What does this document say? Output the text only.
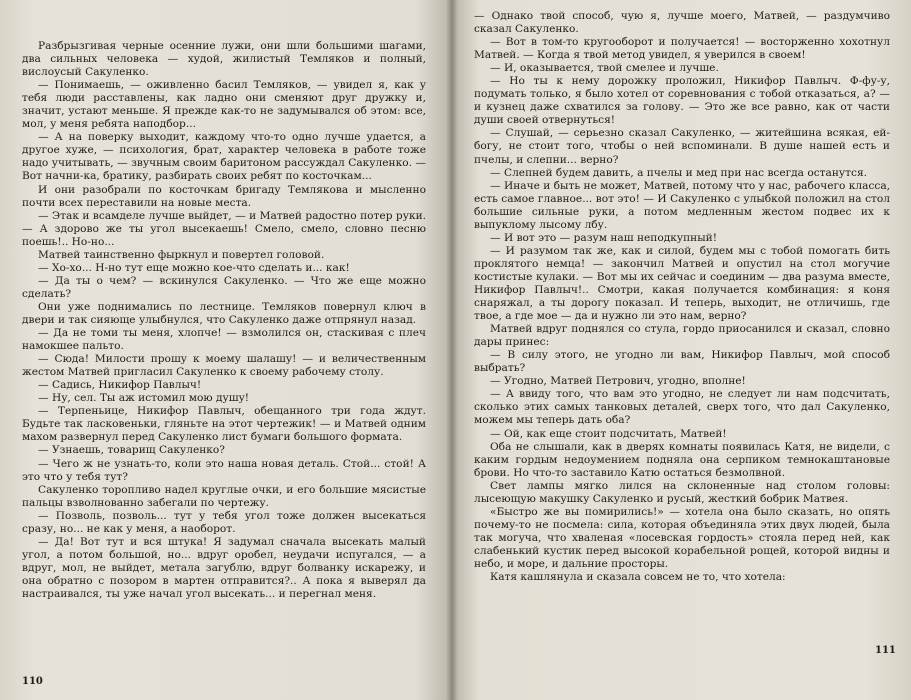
Разбрызгивая черные осенние лужи, они шли большими шагами, два сильных человека — худой, жилистый Темляков и полный, вислоусый Сакуленко.

— Понимаешь, — оживленно басил Темляков, — увидел я, как у тебя люди расставлены, как ладно они сменяют друг дружку и, значит, устают меньше. Я прежде как-то не задумывался об этом: все, мол, у меня ребята наподбор...

— А на поверку выходит, каждому что-то одно лучше удается, а другое хуже, — психология, брат, характер человека в работе тоже надо учитывать, — звучным своим баритоном рассуждал Сакуленко. — Вот начни-ка, братику, разбирать своих ребят по косточкам...

И они разобрали по косточкам бригаду Темлякова и мысленно почти всех переставили на новые места.

— Этак и всамделе лучше выйдет, — и Матвей радостно потер руки. — А здорово же ты угол высекаешь! Смело, смело, словно песню поешь!.. Но-но...

Матвей таинственно фыркнул и повертел головой.

— Хо-хо... Н-но тут еще можно кое-что сделать и... как!

— Да ты о чем? — вскинулся Сакуленко. — Что же еще можно сделать?

Они уже поднимались по лестнице. Темляков повернул ключ в двери и так сияюще улыбнулся, что Сакуленко даже отпрянул назад.

— Да не томи ты меня, хлопче! — взмолился он, стаскивая с плеч намокшее пальто.

— Сюда! Милости прошу к моему шалашу! — и величественным жестом Матвей пригласил Сакуленко к своему рабочему столу.

— Садись, Никифор Павлыч!

— Ну, сел. Ты аж истомил мою душу!

— Терпеньице, Никифор Павлыч, обещанного три года ждут. Будьте так ласковеньки, гляньте на этот чертежик! — и Матвей одним махом развернул перед Сакуленко лист бумаги большого формата.

— Узнаешь, товарищ Сакуленко?

— Чего ж не узнать-то, коли это наша новая деталь. Стой... стой! А это что у тебя тут?

Сакуленко торопливо надел круглые очки, и его большие мясистые пальцы взволнованно забегали по чертежу.

— Позволь, позволь... тут у тебя угол тоже должен высекаться сразу, но... не как у меня, а наоборот.

— Да! Вот тут и вся штука! Я задумал сначала высекать малый угол, а потом большой, но... вдруг оробел, неудачи испугался, — а вдруг, мол, не выйдет, метала загублю, вдруг болванку искарежу, и она обратно с позором в мартен отправится?.. А пока я выверял да настраивался, ты уже начал угол высекать... и перегнал меня.

110

— Однако твой способ, чую я, лучше моего, Матвей, — раздумчиво сказал Сакуленко.

— Вот в том-то кругооборот и получается! — восторженно хохотнул Матвей. — Когда я твой метод увидел, я уверился в своем!

— И, оказывается, твой смелее и лучше.

— Но ты к нему дорожку проложил, Никифор Павлыч. Ф-фу-у, подумать только, я было хотел от соревнования с тобой отказаться, а? — и кузнец даже схватился за голову. — Это же все равно, как от части души своей отвернуться!

— Слушай, — серьезно сказал Сакуленко, — житейшина всякая, ей-богу, не стоит того, чтобы о ней вспоминали. В душе нашей есть и пчелы, и слепни... верно?

— Слепней будем давить, а пчелы и мед при нас всегда останутся.

— Иначе и быть не может, Матвей, потому что у нас, рабочего класса, есть самое главное... вот это! — И Сакуленко с улыбкой положил на стол большие сильные руки, а потом медленным жестом подвес их к выпуклому лысому лбу.

— И вот это — разум наш неподкупный!

— И разумом так же, как и силой, будем мы с тобой помогать бить проклятого немца! — закончил Матвей и опустил на стол могучие костистые кулаки. — Вот мы их сейчас и соединим — два разума вместе, Никифор Павлыч!.. Смотри, какая получается комбинация: я коня снаряжал, а ты дорогу показал. И теперь, выходит, не отличишь, где твое, а где мое — да и нужно ли это нам, верно?

Матвей вдруг поднялся со стула, гордо приосанился и сказал, словно дары принес:

— В силу этого, не угодно ли вам, Никифор Павлыч, мой способ выбрать?

— Угодно, Матвей Петрович, угодно, вполне!

— А ввиду того, что вам это угодно, не следует ли нам подсчитать, сколько этих самых танковых деталей, сверх того, что дал Сакуленко, можем мы теперь дать оба?

— Ой, как еще стоит подсчитать, Матвей!

Оба не слышали, как в дверях комнаты появилась Катя, не видели, с каким гордым недоумением подняла она серпиком темнокаштановые брови. Но что-то заставило Катю остаться безмолвной.

Свет лампы мягко лился на склоненные над столом головы: лысеющую макушку Сакуленко и русый, жесткий бобрик Матвея.

«Быстро же вы помирились!» — хотела она было сказать, но опять почему-то не посмела: сила, которая объединяла этих двух людей, была так могуча, что хваленая «лосевская гордость» стояла перед ней, как слабенький кустик перед высокой корабельной рощей, которой видны и небо, и море, и дальние просторы.

Катя кашлянула и сказала совсем не то, что хотела:

111
